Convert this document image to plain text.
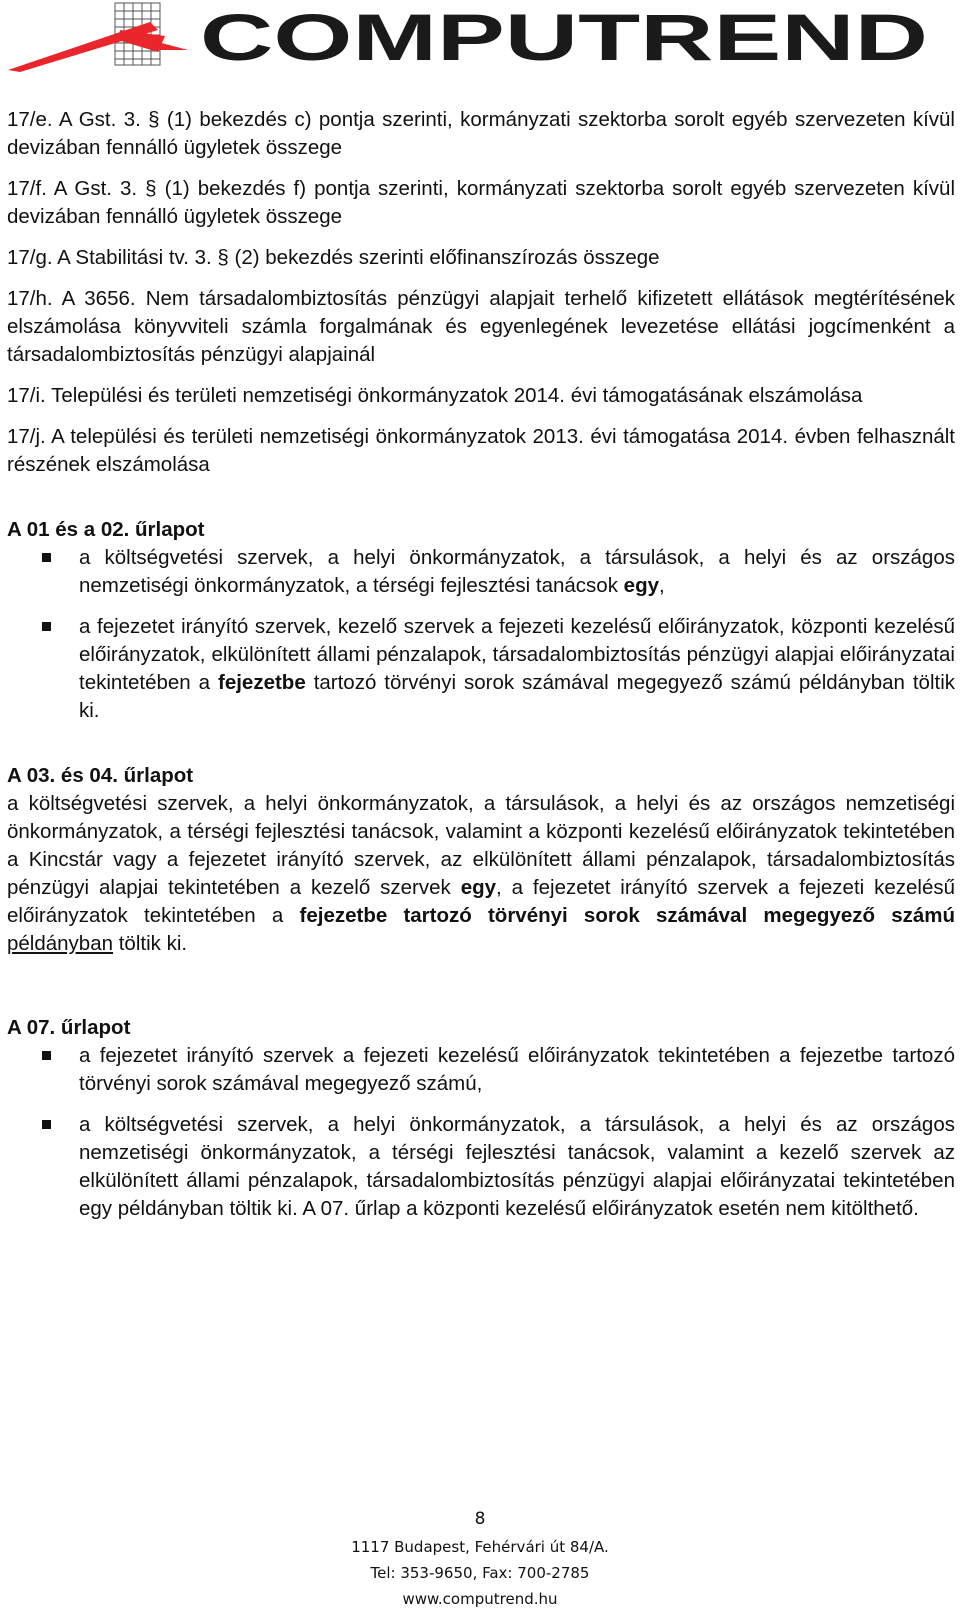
COMPUTREND

17/e. A Gst. 3. § (1) bekezdés c) pontja szerinti, kormányzati szektorba sorolt egyéb szervezeten kívül devizában fennálló ügyletek összege

17/f. A Gst. 3. § (1) bekezdés f) pontja szerinti, kormányzati szektorba sorolt egyéb szervezeten kívül devizában fennálló ügyletek összege

17/g. A Stabilitási tv. 3. § (2) bekezdés szerinti előfinanszírozás összege

17/h. A 3656. Nem társadalombiztosítás pénzügyi alapjait terhelő kifizetett ellátások megtérítésének elszámolása könyvviteli számla forgalmának és egyenlegének levezetése ellátási jogcímenként a társadalombiztosítás pénzügyi alapjainál

17/i. Települési és területi nemzetiségi önkormányzatok 2014. évi támogatásának elszámolása

17/j. A települési és területi nemzetiségi önkormányzatok 2013. évi támogatása 2014. évben felhasznált részének elszámolása

A 01 és a 02. űrlapot
a költségvetési szervek, a helyi önkormányzatok, a társulások, a helyi és az országos nemzetiségi önkormányzatok, a térségi fejlesztési tanácsok egy,
a fejezetet irányító szervek, kezelő szervek a fejezeti kezelésű előirányzatok, központi kezelésű előirányzatok, elkülönített állami pénzalapok, társadalombiztosítás pénzügyi alapjai előirányzatai tekintetében a fejezetbe tartozó törvényi sorok számával megegyező számú példányban töltik ki.
A 03. és 04. űrlapot

a költségvetési szervek, a helyi önkormányzatok, a társulások, a helyi és az országos nemzetiségi önkormányzatok, a térségi fejlesztési tanácsok, valamint a központi kezelésű előirányzatok tekintetében a Kincstár vagy a fejezetet irányító szervek, az elkülönített állami pénzalapok, társadalombiztosítás pénzügyi alapjai tekintetében a kezelő szervek egy, a fejezetet irányító szervek a fejezeti kezelésű előirányzatok tekintetében a fejezetbe tartozó törvényi sorok számával megegyező számú példányban töltik ki.

A 07. űrlapot
a fejezetet irányító szervek a fejezeti kezelésű előirányzatok tekintetében a fejezetbe tartozó törvényi sorok számával megegyező számú,
a költségvetési szervek, a helyi önkormányzatok, a társulások, a helyi és az országos nemzetiségi önkormányzatok, a térségi fejlesztési tanácsok, valamint a kezelő szervek az elkülönített állami pénzalapok, társadalombiztosítás pénzügyi alapjai előirányzatai tekintetében egy példányban töltik ki. A 07. űrlap a központi kezelésű előirányzatok esetén nem kitölthető.
8
1117 Budapest, Fehérvári út 84/A.
Tel: 353-9650, Fax: 700-2785
www.computrend.hu
